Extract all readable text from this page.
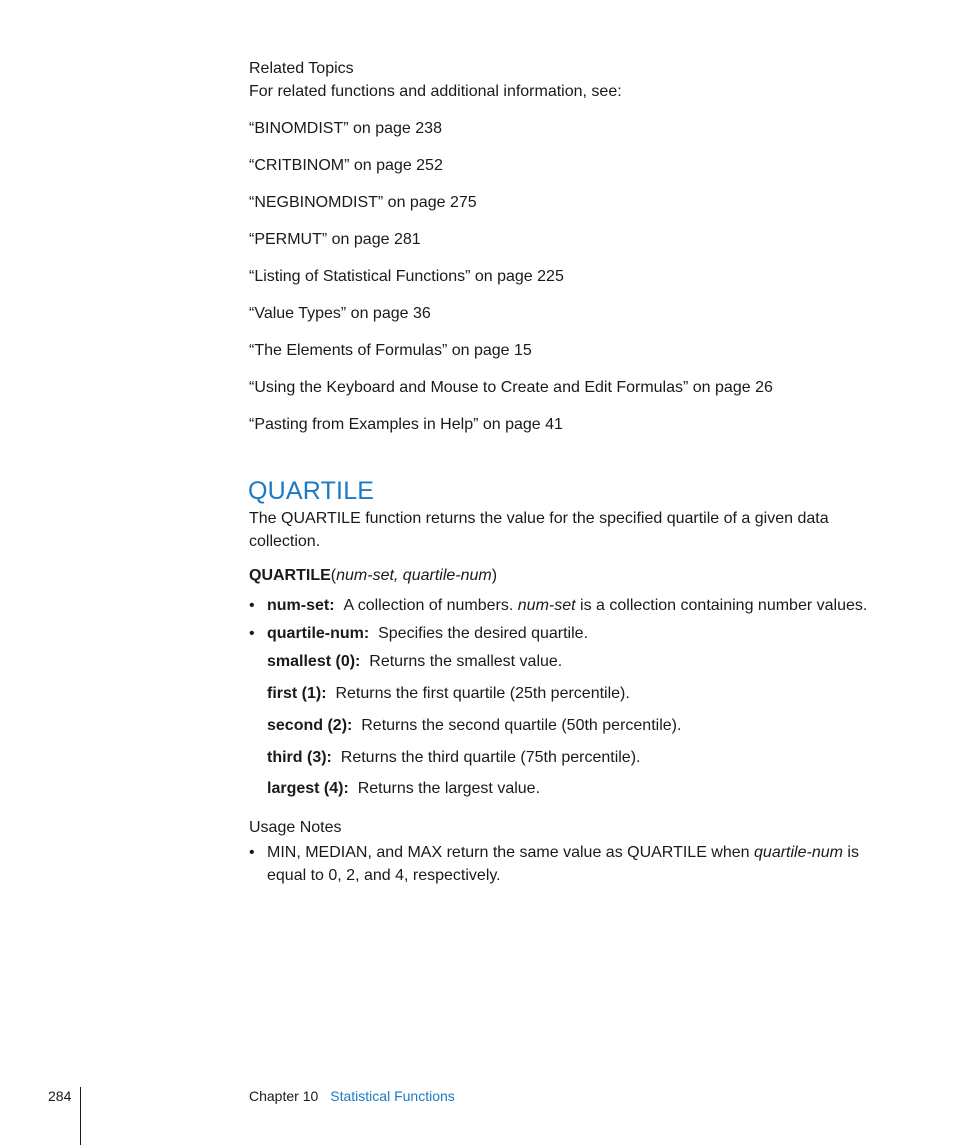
Related Topics
For related functions and additional information, see:
“BINOMDIST” on page 238
“CRITBINOM” on page 252
“NEGBINOMDIST” on page 275
“PERMUT” on page 281
“Listing of Statistical Functions” on page 225
“Value Types” on page 36
“The Elements of Formulas” on page 15
“Using the Keyboard and Mouse to Create and Edit Formulas” on page 26
“Pasting from Examples in Help” on page 41
QUARTILE
The QUARTILE function returns the value for the specified quartile of a given data collection.
QUARTILE(num-set, quartile-num)
• num-set: A collection of numbers. num-set is a collection containing number values.
• quartile-num: Specifies the desired quartile.
smallest (0): Returns the smallest value.
first (1): Returns the first quartile (25th percentile).
second (2): Returns the second quartile (50th percentile).
third (3): Returns the third quartile (75th percentile).
largest (4): Returns the largest value.
Usage Notes
• MIN, MEDIAN, and MAX return the same value as QUARTILE when quartile-num is
equal to 0, 2, and 4, respectively.
284	Chapter 10 Statistical Functions
